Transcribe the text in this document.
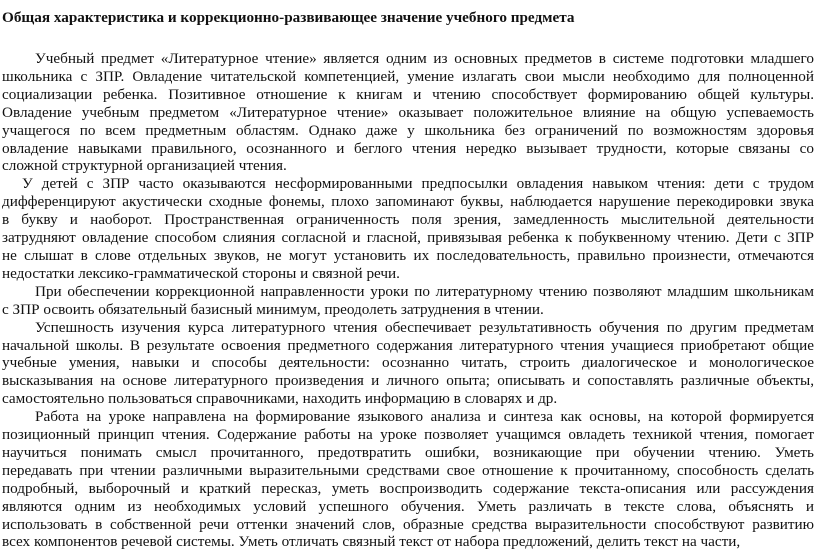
Общая характеристика и коррекционно-развивающее значение учебного предмета
Учебный предмет «Литературное чтение» является одним из основных предметов в системе подготовки младшего
школьника с ЗПР. Овладение читательской компетенцией, умение излагать свои мысли необходимо для полноценной
социализации ребенка. Позитивное отношение к книгам и чтению способствует формированию общей культуры.
Овладение учебным предметом «Литературное чтение» оказывает положительное влияние на общую успеваемость
учащегося по всем предметным областям. Однако даже у школьника без ограничений по возможностям здоровья
овладение навыками правильного, осознанного и беглого чтения нередко вызывает трудности, которые связаны со
сложной структурной организацией чтения.
У детей с ЗПР часто оказываются несформированными предпосылки овладения навыком чтения: дети с трудом
дифференцируют акустически сходные фонемы, плохо запоминают буквы, наблюдается нарушение перекодировки звука
в букву и наоборот. Пространственная ограниченность поля зрения, замедленность мыслительной деятельности
затрудняют овладение способом слияния согласной и гласной, привязывая ребенка к побуквенному чтению. Дети с ЗПР
не слышат в слове отдельных звуков, не могут установить их последовательность, правильно произнести, отмечаются
недостатки лексико-грамматической стороны и связной речи.
При обеспечении коррекционной направленности уроки по литературному чтению позволяют младшим школьникам
с ЗПР освоить обязательный базисный минимум, преодолеть затруднения в чтении.
Успешность изучения курса литературного чтения обеспечивает результативность обучения по другим предметам
начальной школы. В результате освоения предметного содержания литературного чтения учащиеся приобретают общие
учебные умения, навыки и способы деятельности: осознанно читать, строить диалогическое и монологическое
высказывания на основе литературного произведения и личного опыта; описывать и сопоставлять различные объекты,
самостоятельно пользоваться справочниками, находить информацию в словарях и др.
Работа на уроке направлена на формирование языкового анализа и синтеза как основы, на которой формируется
позиционный принцип чтения. Содержание работы на уроке позволяет учащимся овладеть техникой чтения, помогает
научиться понимать смысл прочитанного, предотвратить ошибки, возникающие при обучении чтению. Уметь
передавать при чтении различными выразительными средствами свое отношение к прочитанному, способность сделать
подробный, выборочный и краткий пересказ, уметь воспроизводить содержание текста-описания или рассуждения
являются одним из необходимых условий успешного обучения. Уметь различать в тексте слова, объяснять и
использовать в собственной речи оттенки значений слов, образные средства выразительности способствуют развитию
всех компонентов речевой системы. Уметь отличать связный текст от набора предложений, делить текст на части,
